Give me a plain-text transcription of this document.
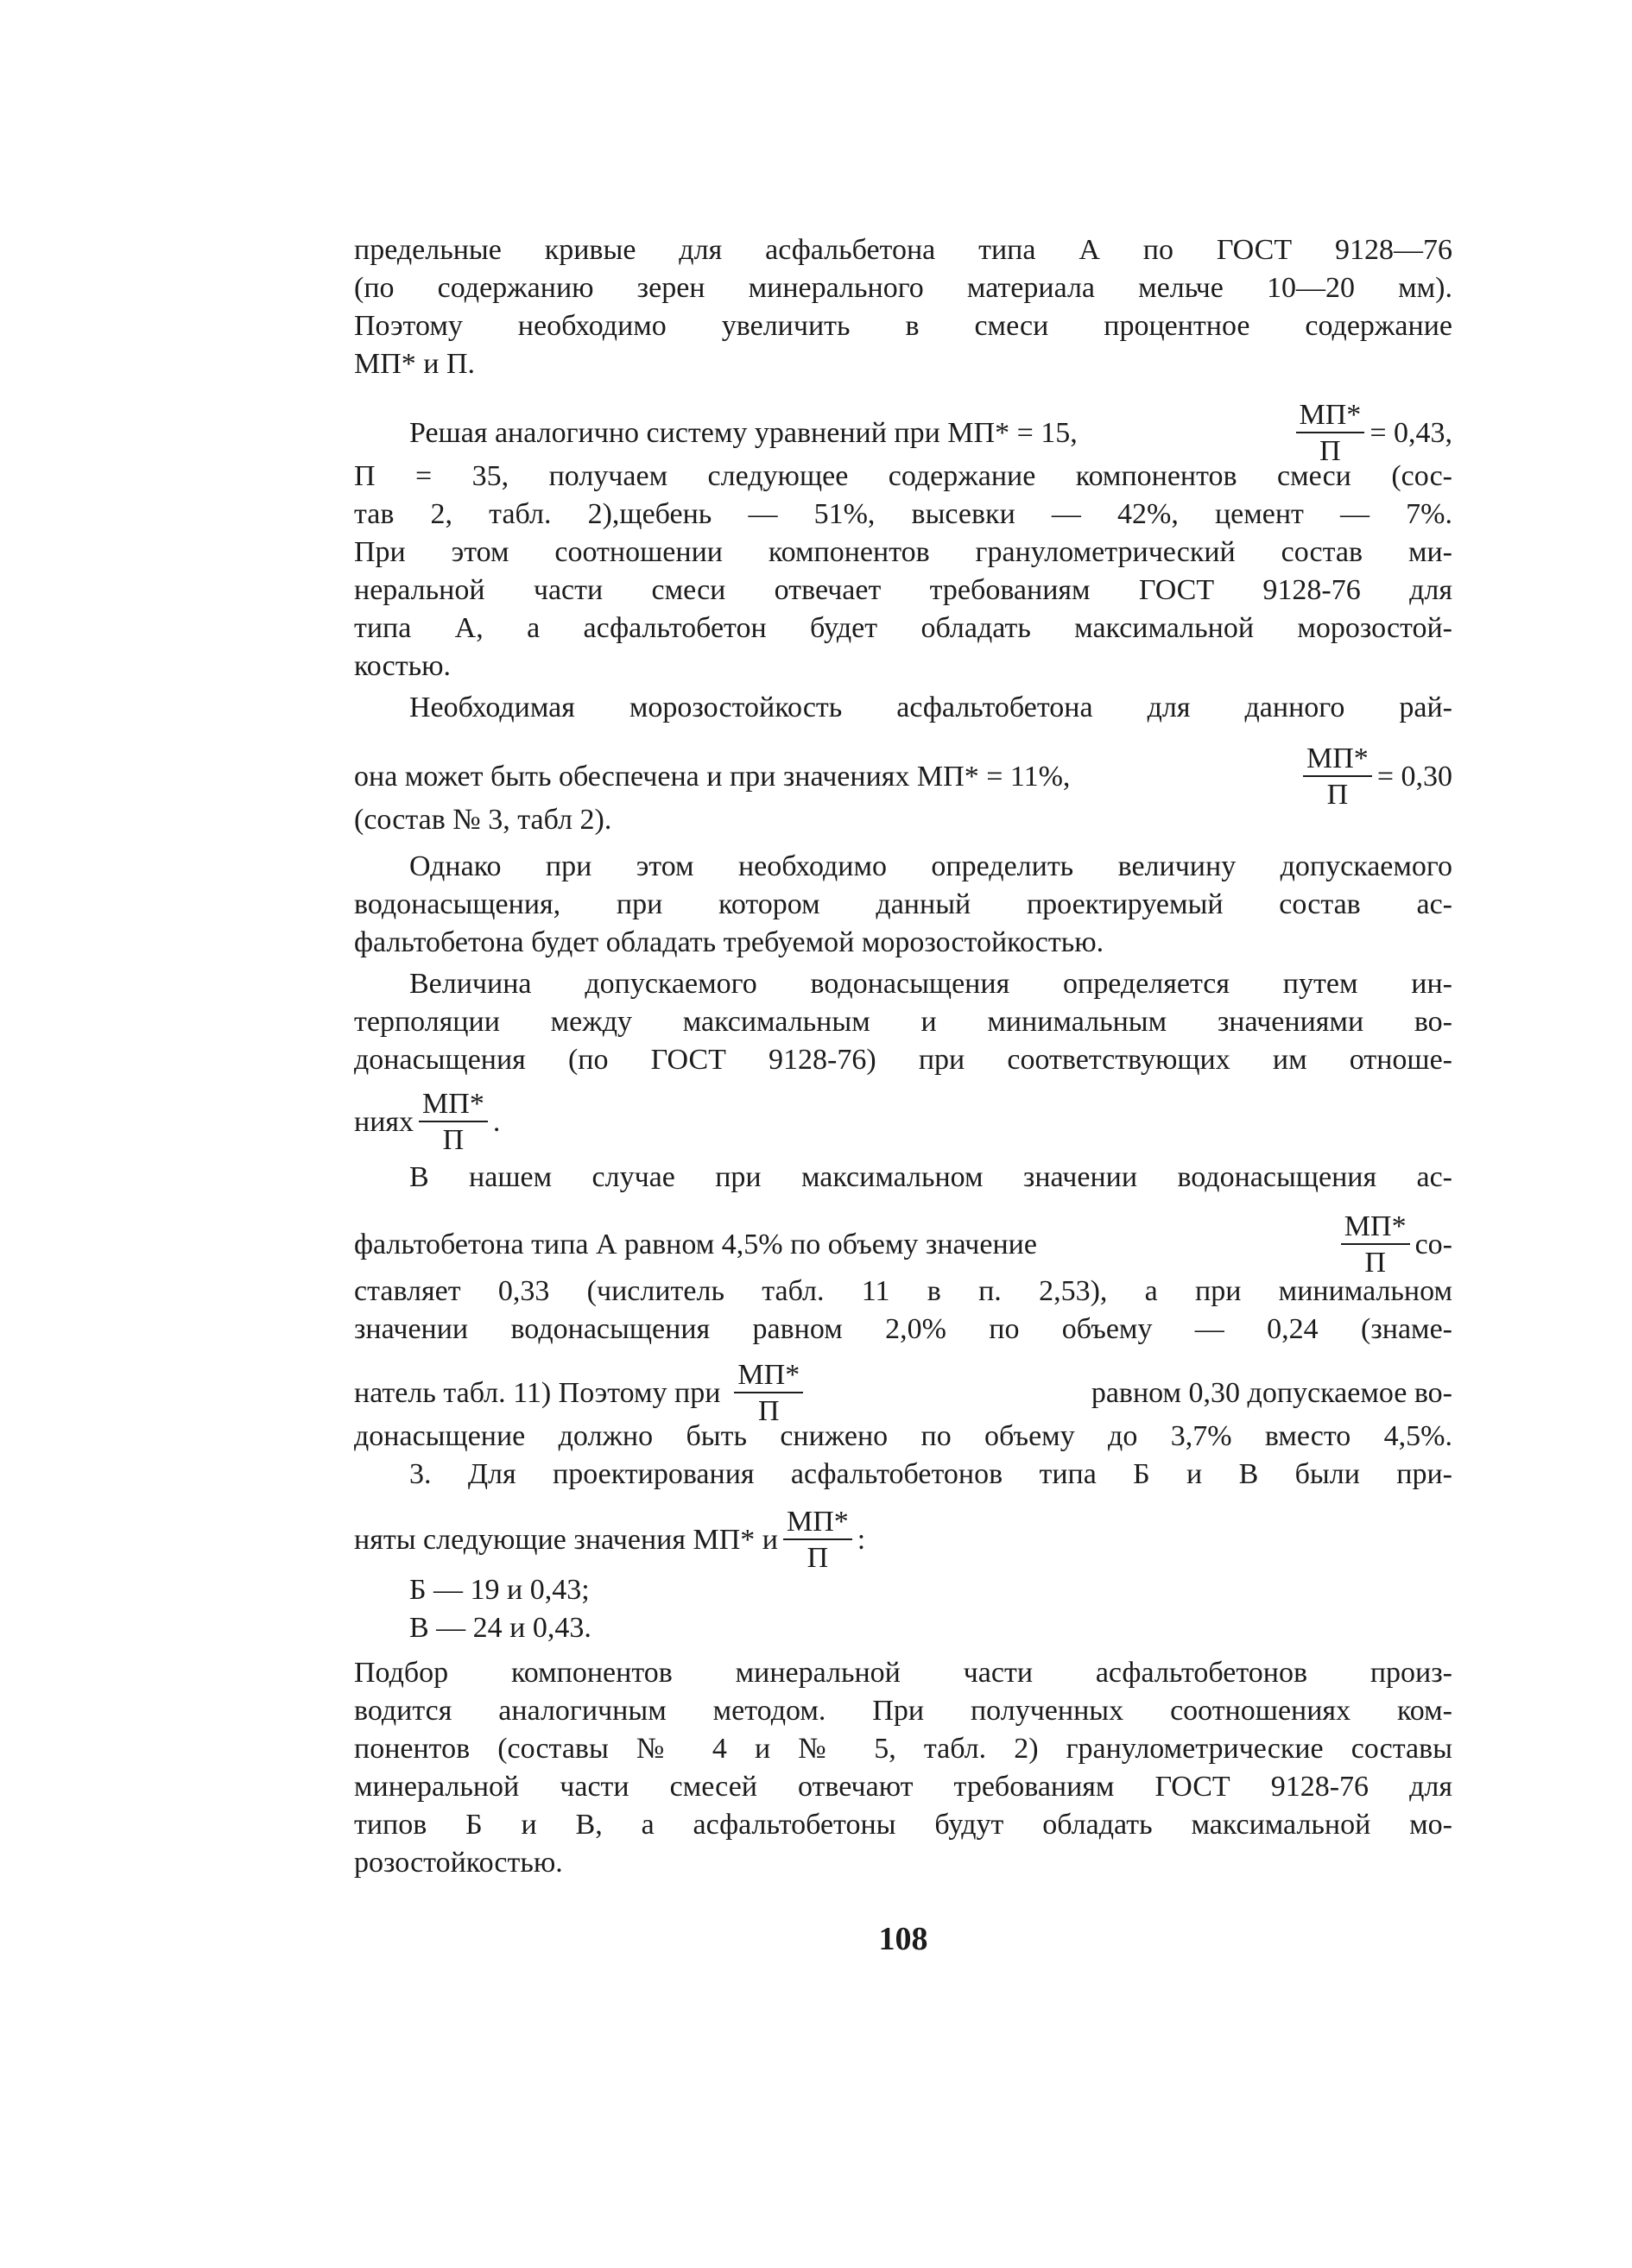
предельные кривые для асфальбетона типа А по ГОСТ 9128—76
(по содержанию зерен минерального материала мельче 10—20 мм).
Поэтому необходимо увеличить в смеси процентное содержание
МП* и П.
Решая аналогично систему уравнений при МП* = 15,	$\frac{МП*}{П} = 0,43$,
П = 35, получаем следующее содержание компонентов смеси (сос-
тав 2, табл. 2),щебень — 51%, высевки — 42%, цемент — 7%.
При этом соотношении компонентов гранулометрический состав ми-
неральной части смеси отвечает требованиям ГОСТ 9128-76 для
типа А, а асфальтобетон будет обладать максимальной морозостой-
костью.
Необходимая морозостойкость асфальтобетона для данного рай-
она может быть обеспечена и при значениях МП* = 11%,	$\frac{МП*}{П} = 0,30$
(состав № 3, табл 2).
Однако при этом необходимо определить величину допускаемого
водонасыщения, при котором данный проектируемый состав ас-
фальтобетона будет обладать требуемой морозостойкостью.
Величина допускаемого водонасыщения определяется путем ин-
терполяции между максимальным и минимальным значениями во-
донасыщения (по ГОСТ 9128-76) при соответствующих им отноше-
ниях $\frac{МП*}{П}$ .
В нашем случае при максимальном значении водонасыщения ас-
фальтобетона типа А равном 4,5% по объему значение	$\frac{МП*}{П} со-$
ставляет 0,33 (числитель табл. 11 в п. 2,53), а при минимальном
значении водонасыщения равном 2,0% по объему — 0,24 (знаме-
натель табл. 11) Поэтому при $\frac{МП*}{П}$	равном 0,30 допускаемое во-
донасыщение должно быть снижено по объему до 3,7% вместо 4,5%.
3. Для проектирования асфальтобетонов типа Б и В были при-
няты следующие значения МП* и $\frac{МП*}{П}$ :
Б — 19 и 0,43;
В — 24 и 0,43.
Подбор компонентов минеральной части асфальтобетонов произ-
водится аналогичным методом. При полученных соотношениях ком-
понентов (составы № 4 и № 5, табл. 2) гранулометрические составы
минеральной части смесей отвечают требованиям ГОСТ 9128-76 для
типов Б и В, а асфальтобетоны будут обладать максимальной мо-
розостойкостью.
108
